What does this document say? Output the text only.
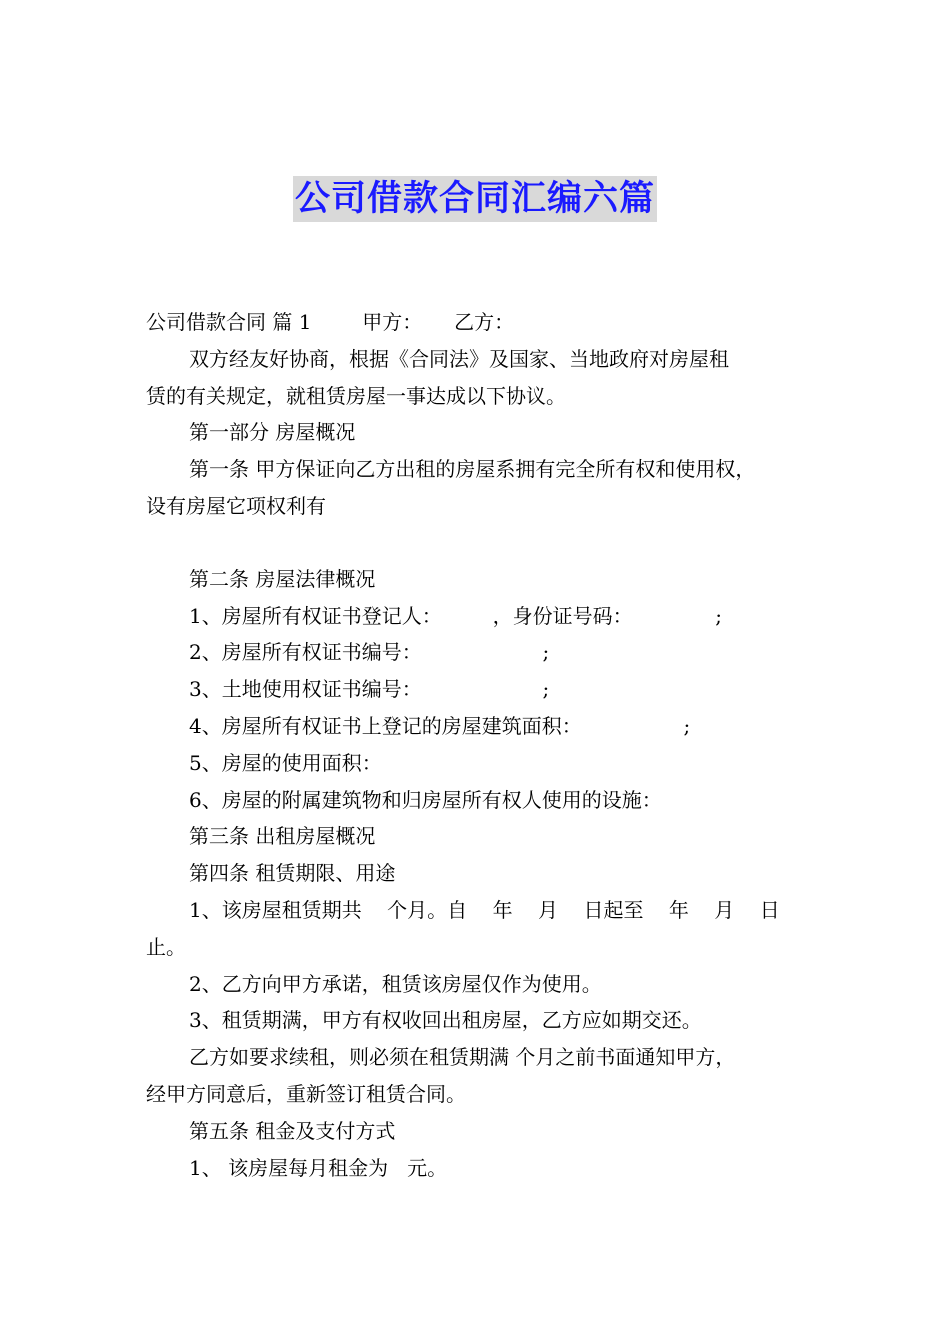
公司借款合同汇编六篇

公司借款合同 篇 1        甲方：     乙方：

双方经友好协商，根据《合同法》及国家、当地政府对房屋租

赁的有关规定，就租赁房屋一事达成以下协议。

第一部分 房屋概况

第一条 甲方保证向乙方出租的房屋系拥有完全所有权和使用权，

设有房屋它项权利有

第二条 房屋法律概况

1、房屋所有权证书登记人：        ，身份证号码：             ;

2、房屋所有权证书编号：                   ;

3、土地使用权证书编号：                   ;

4、房屋所有权证书上登记的房屋建筑面积：                ;

5、房屋的使用面积：

6、房屋的附属建筑物和归房屋所有权人使用的设施：

第三条 出租房屋概况

第四条 租赁期限、用途

1、该房屋租赁期共    个月。自    年    月    日起至    年    月    日

止。

2、乙方向甲方承诺，租赁该房屋仅作为使用。

3、租赁期满，甲方有权收回出租房屋，乙方应如期交还。

乙方如要求续租，则必须在租赁期满 个月之前书面通知甲方，

经甲方同意后，重新签订租赁合同。

第五条 租金及支付方式

1、 该房屋每月租金为   元。
